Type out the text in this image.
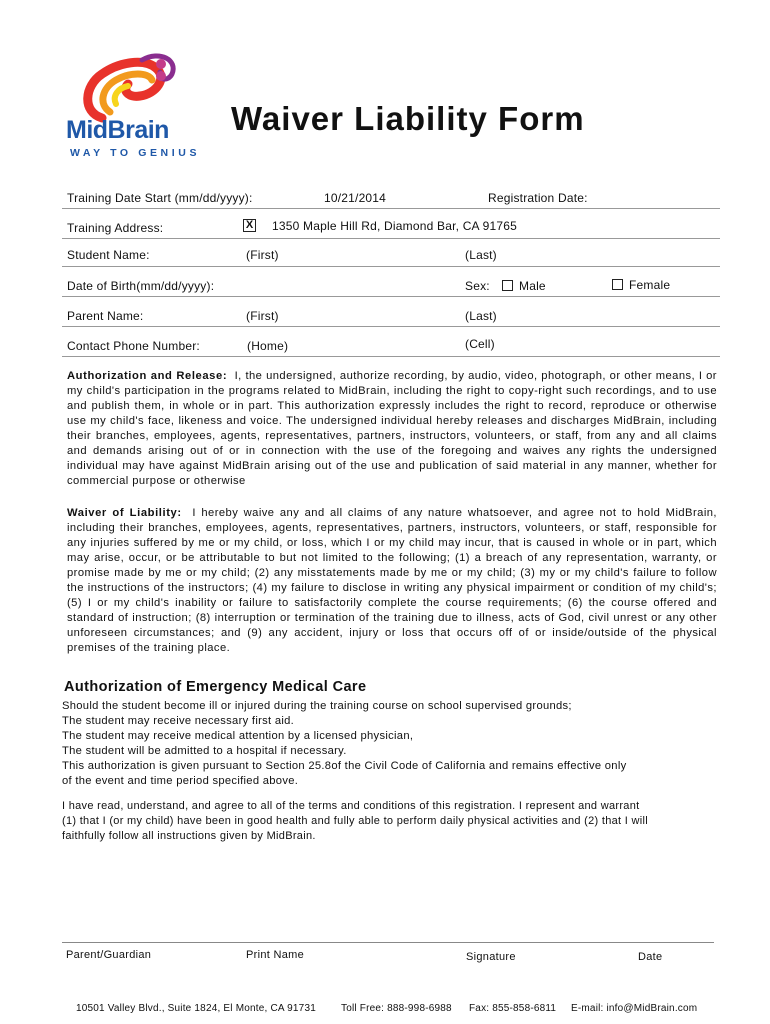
MidBrain
WAY TO GENIUS
Waiver Liability Form
Training Date Start (mm/dd/yyyy):	10/21/2014	Registration Date:
Training Address:	X 1350 Maple Hill Rd, Diamond Bar, CA 91765
Student Name:	(First)	(Last)
Date of Birth(mm/dd/yyyy):	Sex:	Male	Female
Parent Name:	(First)	(Last)
Contact Phone Number:	(Home)	(Cell)
Authorization and Release: I, the undersigned, authorize recording, by audio, video, photograph, or other means, I or my child's participation in the programs related to MidBrain, including the right to copy-right such recordings, and to use and publish them, in whole or in part. This authorization expressly includes the right to record, reproduce or otherwise use my child's face, likeness and voice. The undersigned individual hereby releases and discharges MidBrain, including their branches, employees, agents, representatives, partners, instructors, volunteers, or staff, from any and all claims and demands arising out of or in connection with the use of the foregoing and waives any rights the undersigned individual may have against MidBrain arising out of the use and publication of said material in any manner, whether for commercial purpose or otherwise
Waiver of Liability: I hereby waive any and all claims of any nature whatsoever, and agree not to hold MidBrain, including their branches, employees, agents, representatives, partners, instructors, volunteers, or staff, responsible for any injuries suffered by me or my child, or loss, which I or my child may incur, that is caused in whole or in part, which may arise, occur, or be attributable to but not limited to the following; (1) a breach of any representation, warranty, or promise made by me or my child; (2) any misstatements made by me or my child; (3) my or my child's failure to follow the instructions of the instructors; (4) my failure to disclose in writing any physical impairment or condition of my child's; (5) I or my child's inability or failure to satisfactorily complete the course requirements; (6) the course offered and standard of instruction; (8) interruption or termination of the training due to illness, acts of God, civil unrest or any other unforeseen circumstances; and (9) any accident, injury or loss that occurs off of or inside/outside of the physical premises of the training place.
Authorization of Emergency Medical Care
Should the student become ill or injured during the training course on school supervised grounds;
The student may receive necessary first aid.
The student may receive medical attention by a licensed physician,
The student will be admitted to a hospital if necessary.
This authorization is given pursuant to Section 25.8of the Civil Code of California and remains effective only
of the event and time period specified above.
I have read, understand, and agree to all of the terms and conditions of this registration. I represent and warrant
(1) that I (or my child) have been in good health and fully able to perform daily physical activities and (2) that I will
faithfully follow all instructions given by MidBrain.
Parent/Guardian	Print Name	Signature	Date
10501 Valley Blvd., Suite 1824, El Monte, CA 91731	Toll Free: 888-998-6988 Fax: 855-858-6811 E-mail: info@MidBrain.com
